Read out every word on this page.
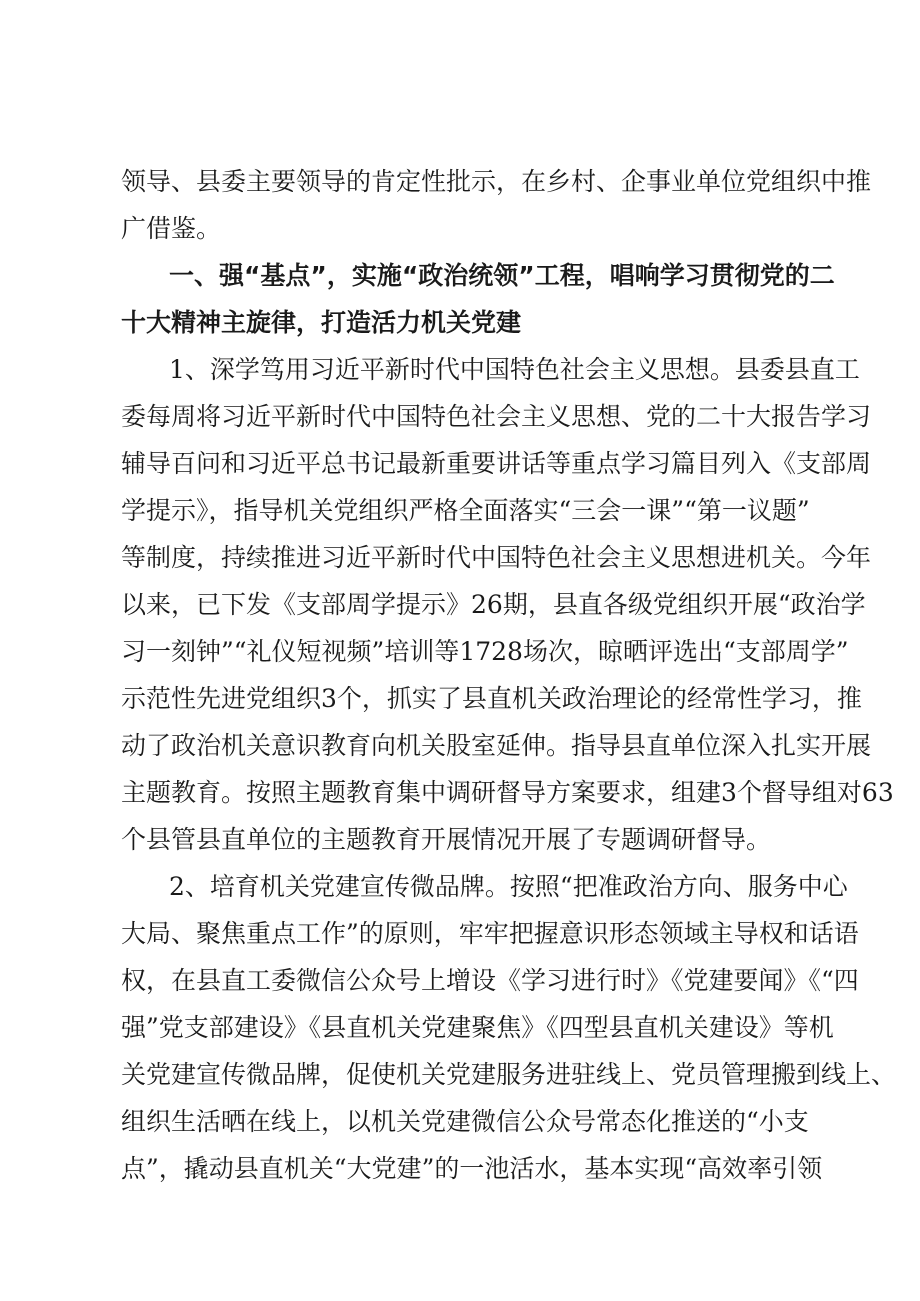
领导、县委主要领导的肯定性批示，在乡村、企事业单位党组织中推
广借鉴。
一、强“基点”，实施“政治统领”工程，唱响学习贯彻党的二
十大精神主旋律，打造活力机关党建
1、深学笃用习近平新时代中国特色社会主义思想。县委县直工
委每周将习近平新时代中国特色社会主义思想、党的二十大报告学习
辅导百问和习近平总书记最新重要讲话等重点学习篇目列入《支部周
学提示》，指导机关党组织严格全面落实“三会一课”“第一议题”
等制度，持续推进习近平新时代中国特色社会主义思想进机关。今年
以来，已下发《支部周学提示》26期，县直各级党组织开展“政治学
习一刻钟”“礼仪短视频”培训等1728场次，晾晒评选出“支部周学”
示范性先进党组织3个，抓实了县直机关政治理论的经常性学习，推
动了政治机关意识教育向机关股室延伸。指导县直单位深入扎实开展
主题教育。按照主题教育集中调研督导方案要求，组建3个督导组对63
个县管县直单位的主题教育开展情况开展了专题调研督导。
2、培育机关党建宣传微品牌。按照“把准政治方向、服务中心
大局、聚焦重点工作”的原则，牢牢把握意识形态领域主导权和话语
权，在县直工委微信公众号上增设《学习进行时》《党建要闻》《“四
强”党支部建设》《县直机关党建聚焦》《四型县直机关建设》等机
关党建宣传微品牌，促使机关党建服务进驻线上、党员管理搬到线上、
组织生活晒在线上，以机关党建微信公众号常态化推送的“小支
点”，撬动县直机关“大党建”的一池活水，基本实现“高效率引领
